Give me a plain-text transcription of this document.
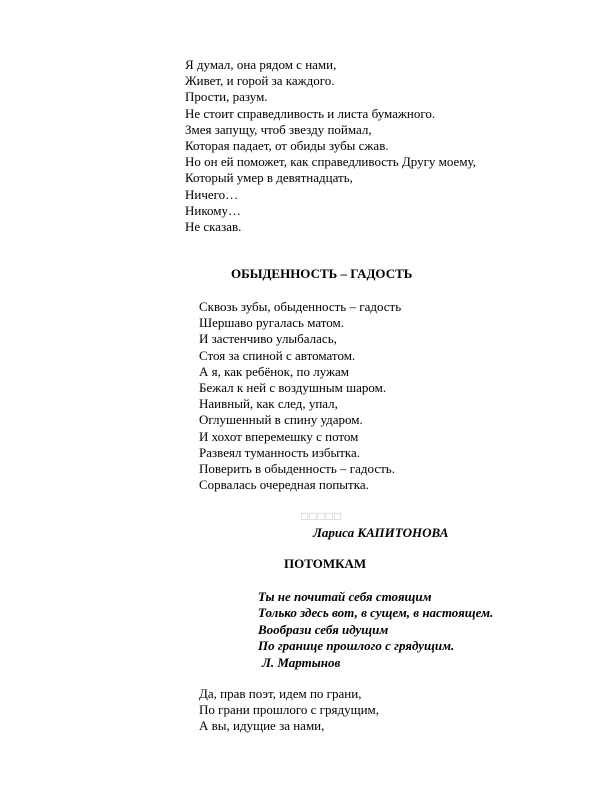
Я думал, она рядом с нами,
Живет, и горой за каждого.
Прости, разум.
Не стоит справедливость и листа бумажного.
Змея запущу, чтоб звезду поймал,
Которая падает, от обиды зубы сжав.
Но он ей поможет, как справедливость Другу моему,
Который умер в девятнадцать,
Ничего…
Никому…
Не сказав.
ОБЫДЕННОСТЬ – ГАДОСТЬ
Сквозь зубы, обыденность – гадость
Шершаво ругалась матом.
И застенчиво улыбалась,
Стоя за спиной с автоматом.
А я, как ребёнок, по лужам
Бежал к ней с воздушным шаром.
Наивный, как след, упал,
Оглушенный в спину ударом.
И хохот вперемешку с потом
Развеял туманность избытка.
Поверить в обыденность – гадость.
Сорвалась очередная попытка.
□□□□□
Лариса КАПИТОНОВА
ПОТОМКАМ
Ты не почитай себя стоящим
Только здесь вот, в сущем, в настоящем.
Вообрази себя идущим
По границе прошлого с грядущим.
Л. Мартынов
Да, прав поэт, идем по грани,
По грани прошлого с грядущим,
А вы, идущие за нами,
